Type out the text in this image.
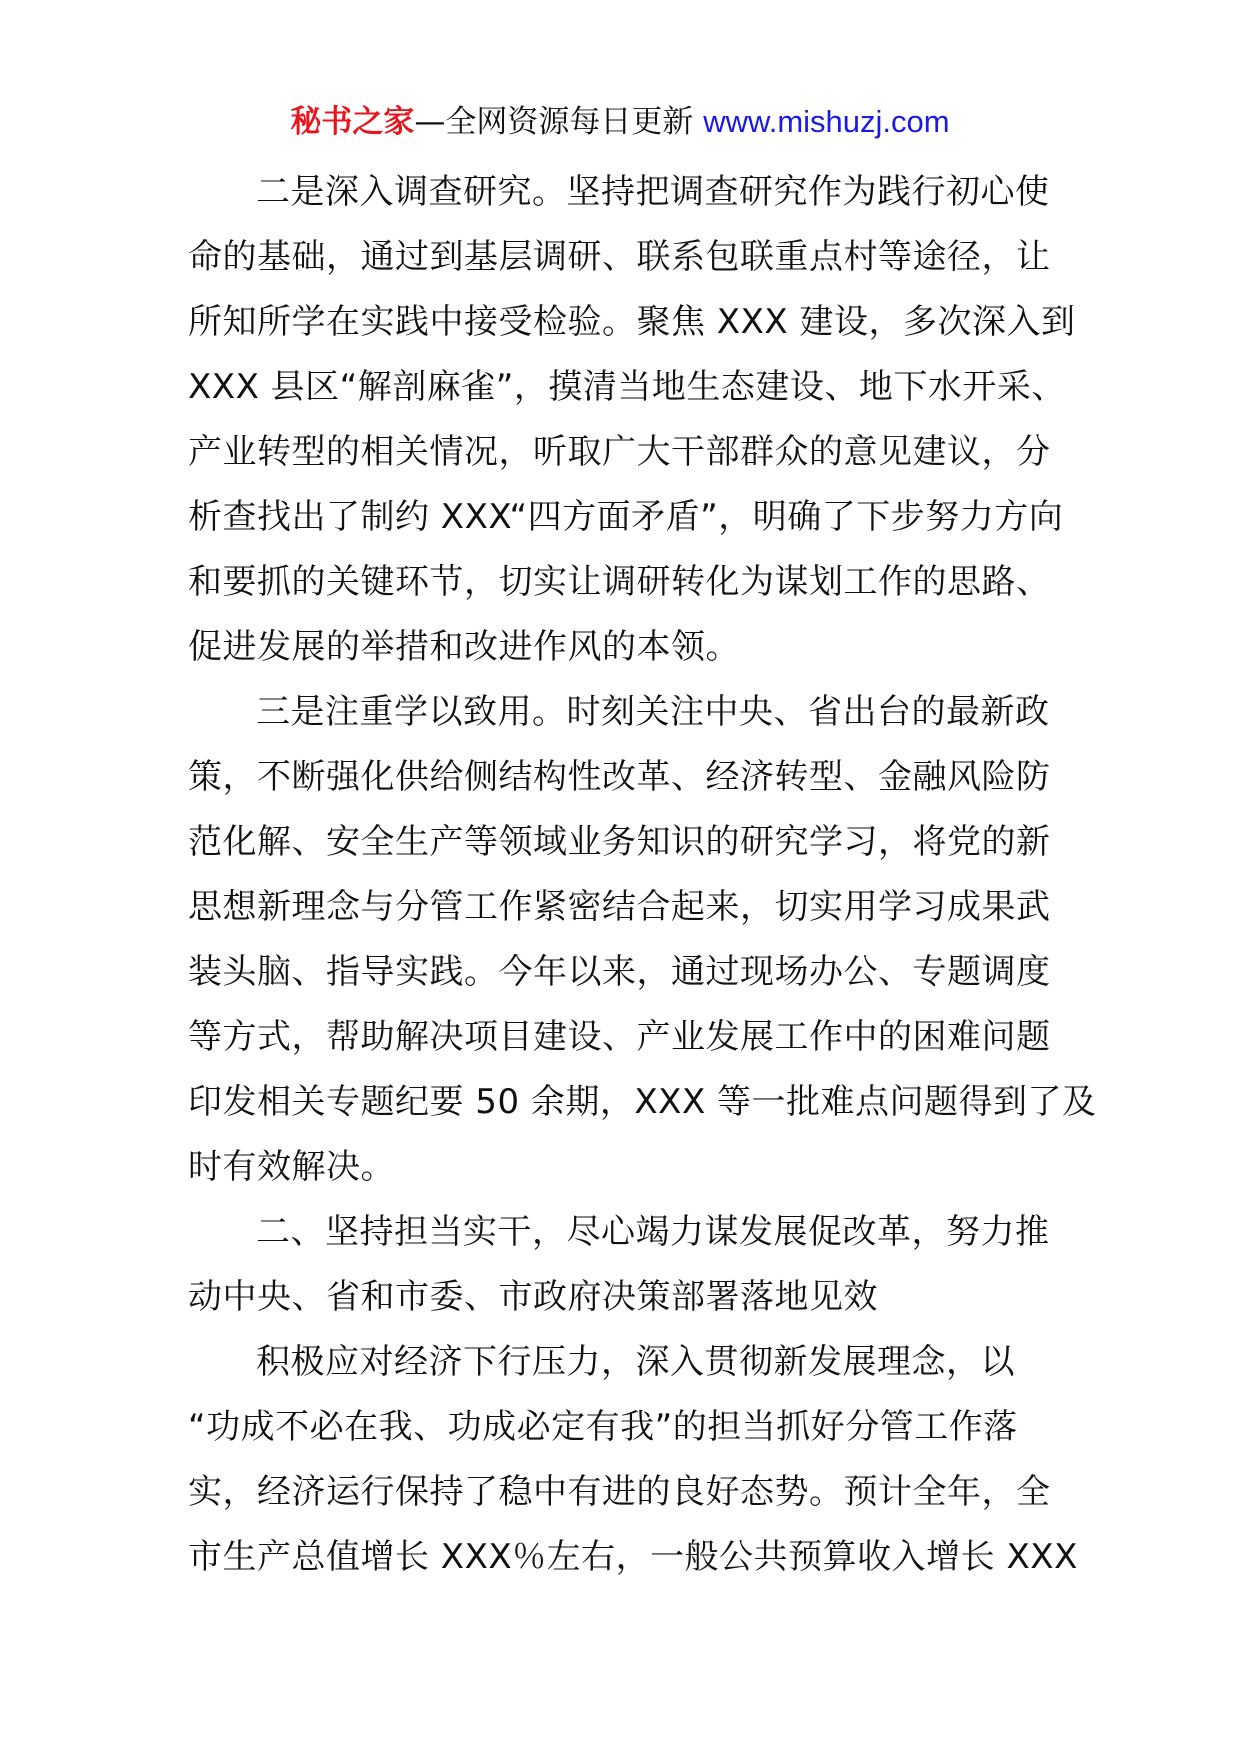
秘书之家—全网资源每日更新 www.mishuzj.com
二是深入调查研究。坚持把调查研究作为践行初心使
命的基础，通过到基层调研、联系包联重点村等途径，让
所知所学在实践中接受检验。聚焦 XXX 建设，多次深入到
XXX 县区“解剖麻雀”，摸清当地生态建设、地下水开采、
产业转型的相关情况，听取广大干部群众的意见建议，分
析查找出了制约 XXX“四方面矛盾”，明确了下步努力方向
和要抓的关键环节，切实让调研转化为谋划工作的思路、
促进发展的举措和改进作风的本领。
三是注重学以致用。时刻关注中央、省出台的最新政
策，不断强化供给侧结构性改革、经济转型、金融风险防
范化解、安全生产等领域业务知识的研究学习，将党的新
思想新理念与分管工作紧密结合起来，切实用学习成果武
装头脑、指导实践。今年以来，通过现场办公、专题调度
等方式，帮助解决项目建设、产业发展工作中的困难问题
印发相关专题纪要 50 余期，XXX 等一批难点问题得到了及
时有效解决。
二、坚持担当实干，尽心竭力谋发展促改革，努力推
动中央、省和市委、市政府决策部署落地见效
积极应对经济下行压力，深入贯彻新发展理念，以
“功成不必在我、功成必定有我”的担当抓好分管工作落
实，经济运行保持了稳中有进的良好态势。预计全年，全
市生产总值增长 XXX％左右，一般公共预算收入增长 XXX
